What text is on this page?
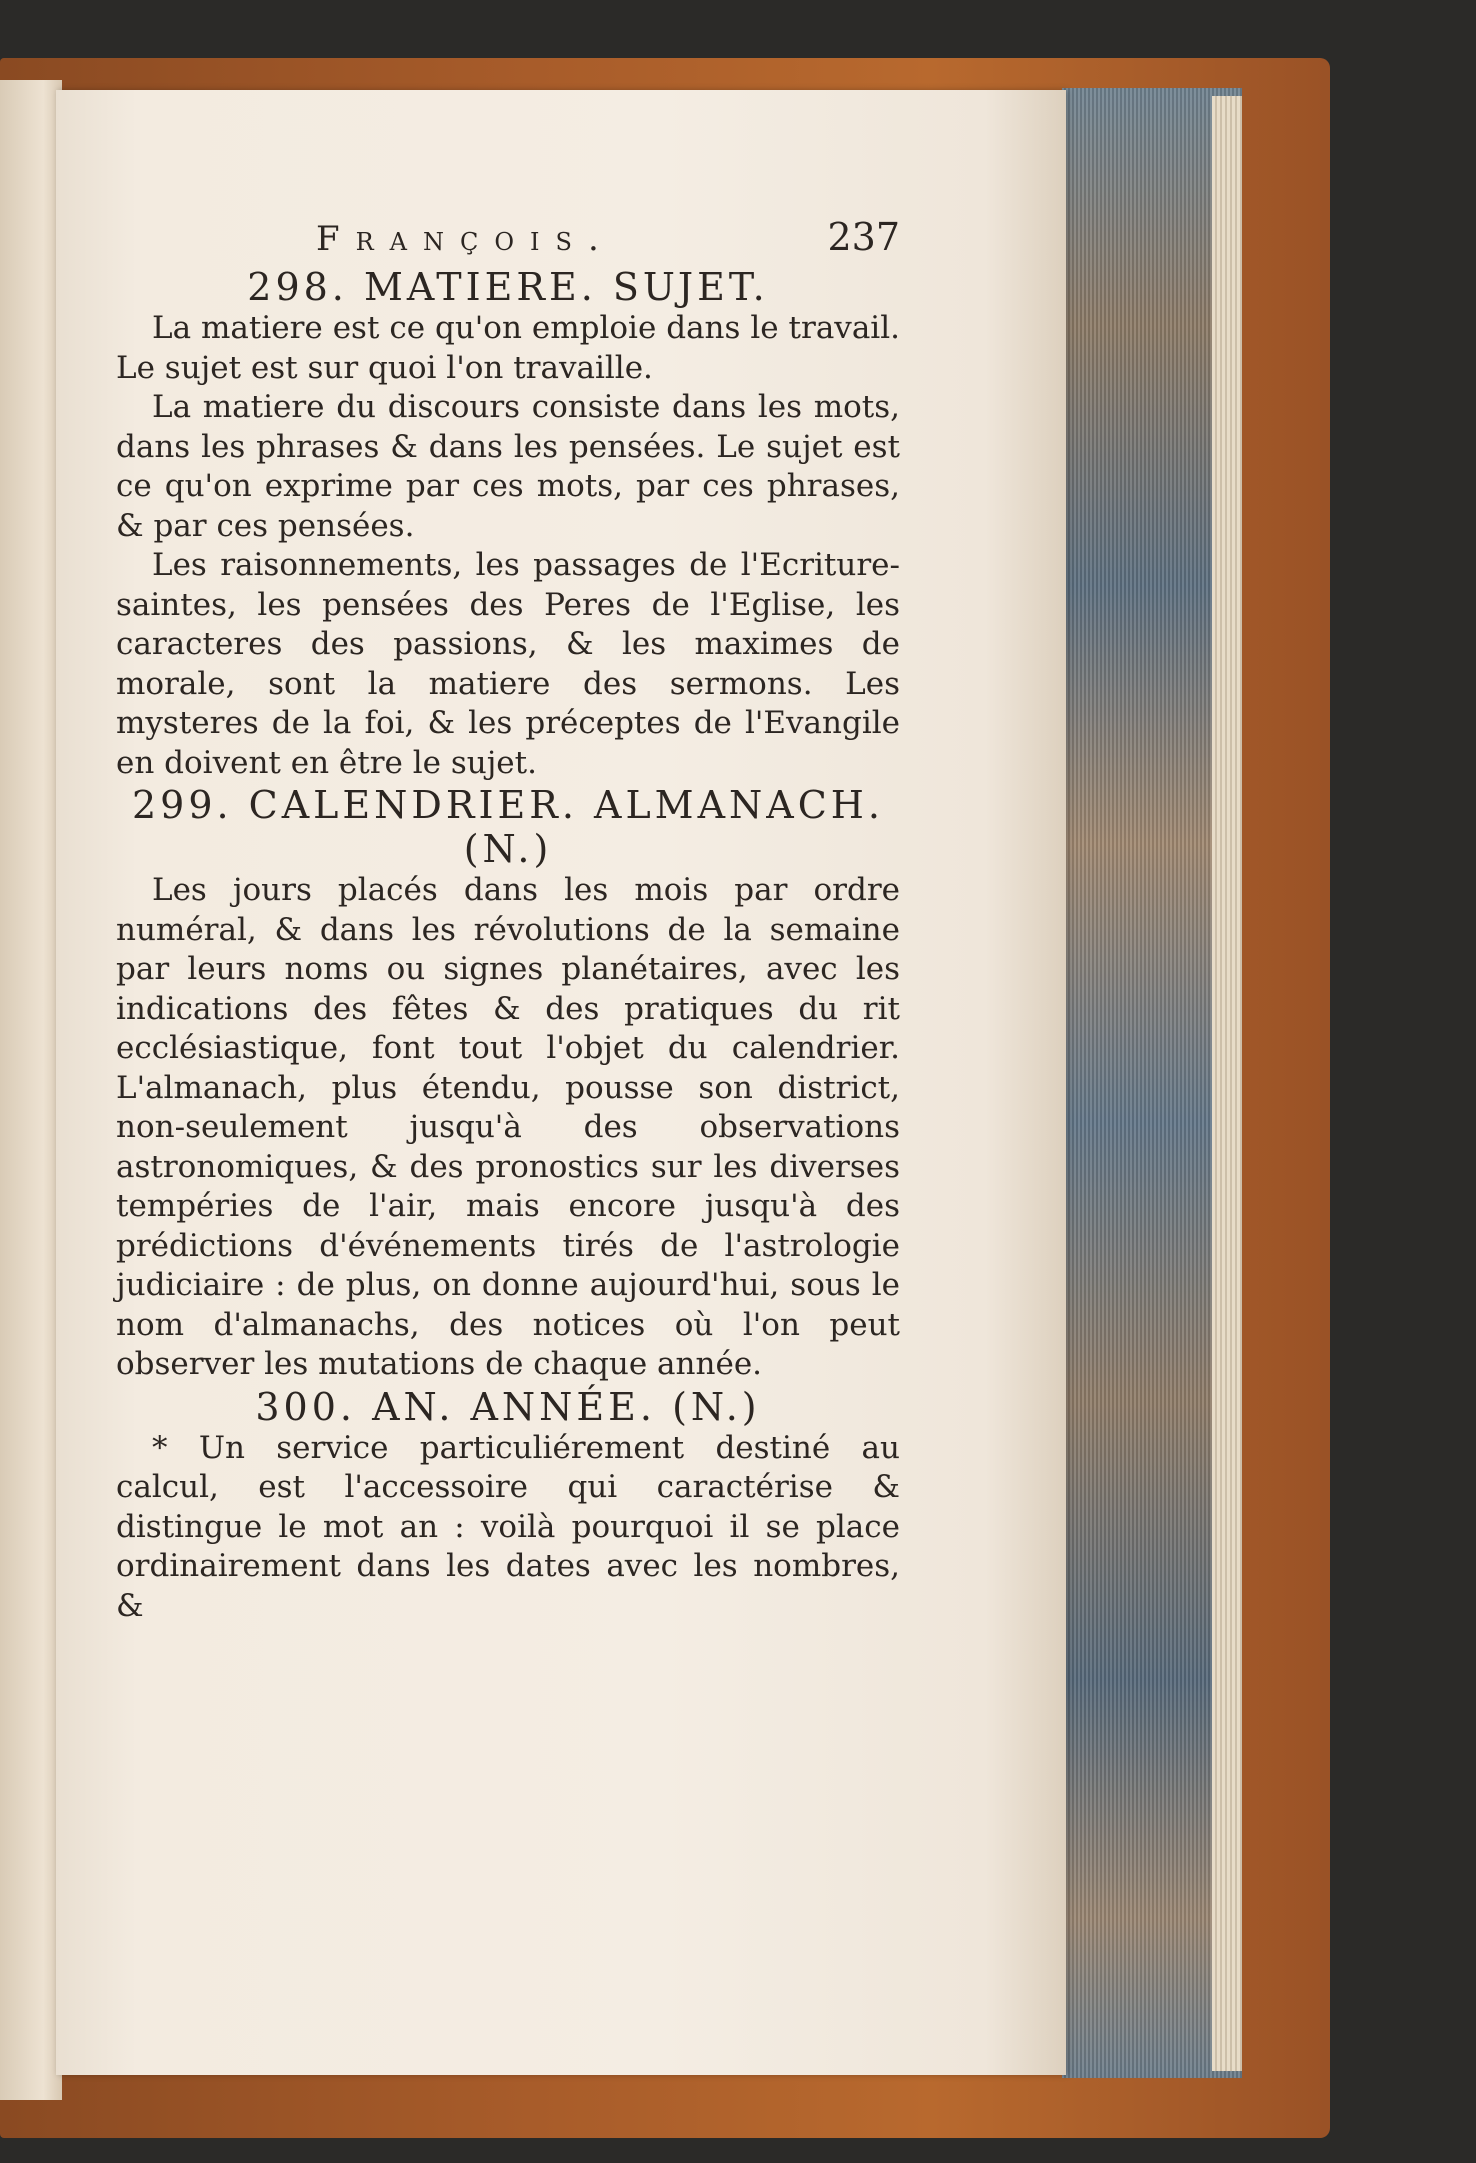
François.	237
298. MATIERE. SUJET.

La matiere est ce qu'on emploie dans le travail. Le sujet est sur quoi l'on travaille.

La matiere du discours consiste dans les mots, dans les phrases & dans les pensées. Le sujet est ce qu'on exprime par ces mots, par ces phrases, & par ces pensées.

Les raisonnements, les passages de l'Ecriture-saintes, les pensées des Peres de l'Eglise, les caracteres des passions, & les maximes de morale, sont la matiere des sermons. Les mysteres de la foi, & les préceptes de l'Evangile en doivent en être le sujet.

299. CALENDRIER. ALMANACH. (N.)

Les jours placés dans les mois par ordre numéral, & dans les révolutions de la semaine par leurs noms ou signes planétaires, avec les indications des fêtes & des pratiques du rit ecclésiastique, font tout l'objet du calendrier. L'almanach, plus étendu, pousse son district, non-seulement jusqu'à des observations astronomiques, & des pronostics sur les diverses tempéries de l'air, mais encore jusqu'à des prédictions d'événements tirés de l'astrologie judiciaire : de plus, on donne aujourd'hui, sous le nom d'almanachs, des notices où l'on peut observer les mutations de chaque année.

300. AN. ANNÉE. (N.)

* Un service particuliérement destiné au calcul, est l'accessoire qui caractérise & distingue le mot an : voilà pourquoi il se place ordinairement dans les dates avec les nombres, &
